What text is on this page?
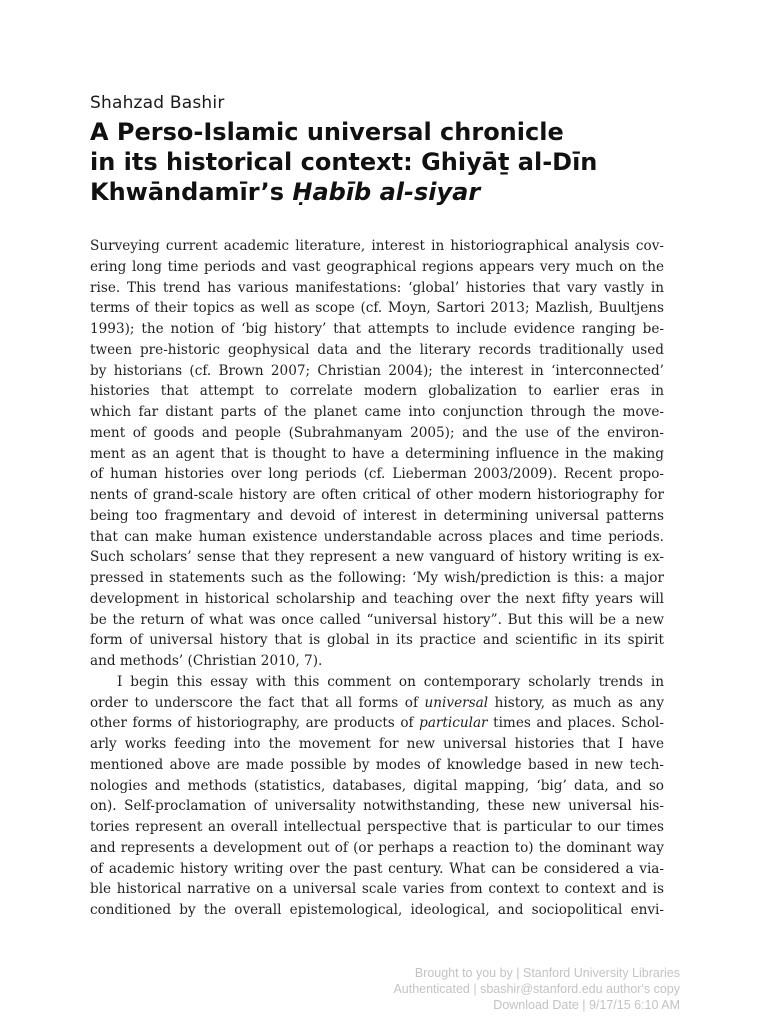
Shahzad Bashir
A Perso-Islamic universal chronicle
in its historical context: Ghiyāṯ al-Dīn
Khwāndamīr’s Ḥabīb al-siyar
Surveying current academic literature, interest in historiographical analysis cov-
ering long time periods and vast geographical regions appears very much on the
rise. This trend has various manifestations: ‘global’ histories that vary vastly in
terms of their topics as well as scope (cf. Moyn, Sartori 2013; Mazlish, Buultjens
1993); the notion of ‘big history’ that attempts to include evidence ranging be-
tween pre-historic geophysical data and the literary records traditionally used
by historians (cf. Brown 2007; Christian 2004); the interest in ‘interconnected’
histories that attempt to correlate modern globalization to earlier eras in
which far distant parts of the planet came into conjunction through the move-
ment of goods and people (Subrahmanyam 2005); and the use of the environ-
ment as an agent that is thought to have a determining influence in the making
of human histories over long periods (cf. Lieberman 2003/2009). Recent propo-
nents of grand-scale history are often critical of other modern historiography for
being too fragmentary and devoid of interest in determining universal patterns
that can make human existence understandable across places and time periods.
Such scholars’ sense that they represent a new vanguard of history writing is ex-
pressed in statements such as the following: ‘My wish/prediction is this: a major
development in historical scholarship and teaching over the next fifty years will
be the return of what was once called “universal history”. But this will be a new
form of universal history that is global in its practice and scientific in its spirit
and methods’ (Christian 2010, 7).
I begin this essay with this comment on contemporary scholarly trends in
order to underscore the fact that all forms of universal history, as much as any
other forms of historiography, are products of particular times and places. Schol-
arly works feeding into the movement for new universal histories that I have
mentioned above are made possible by modes of knowledge based in new tech-
nologies and methods (statistics, databases, digital mapping, ‘big’ data, and so
on). Self-proclamation of universality notwithstanding, these new universal his-
tories represent an overall intellectual perspective that is particular to our times
and represents a development out of (or perhaps a reaction to) the dominant way
of academic history writing over the past century. What can be considered a via-
ble historical narrative on a universal scale varies from context to context and is
conditioned by the overall epistemological, ideological, and sociopolitical envi-
Brought to you by | Stanford University Libraries
Authenticated | sbashir@stanford.edu author's copy
Download Date | 9/17/15 6:10 AM
